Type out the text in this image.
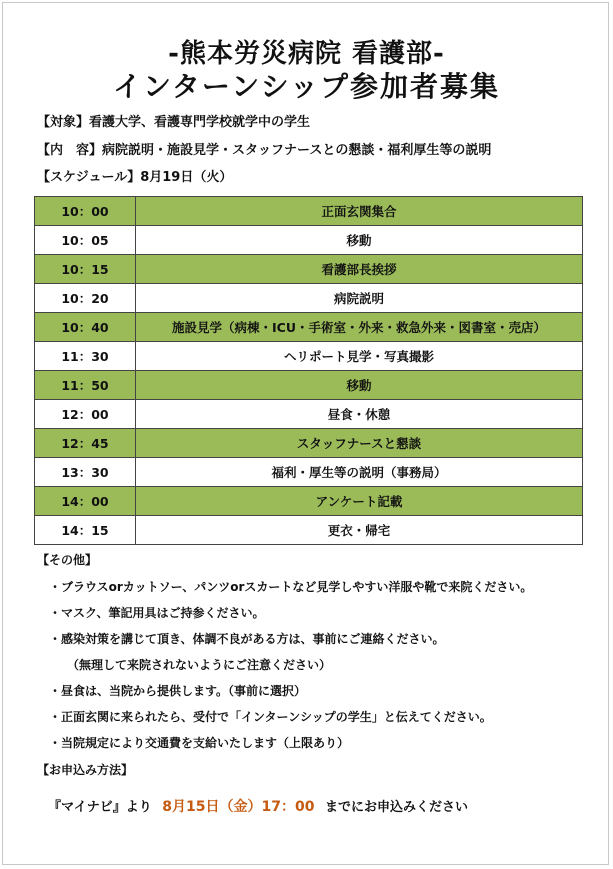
-熊本労災病院 看護部-
インターンシップ参加者募集
【対象】看護大学、看護専門学校就学中の学生
【内　容】病院説明・施設見学・スタッフナースとの懇談・福利厚生等の説明
【スケジュール】8月19日（火）
10：00	正面玄関集合
10：05	移動
10：15	看護部長挨拶
10：20	病院説明
10：40	施設見学（病棟・ICU・手術室・外来・救急外来・図書室・売店）
11：30	ヘリポート見学・写真撮影
11：50	移動
12：00	昼食・休憩
12：45	スタッフナースと懇談
13：30	福利・厚生等の説明（事務局）
14：00	アンケート記載
14：15	更衣・帰宅
【その他】
・ブラウスorカットソー、パンツorスカートなど見学しやすい洋服や靴で来院ください。
・マスク、筆記用具はご持参ください。
・感染対策を講じて頂き、体調不良がある方は、事前にご連絡ください。
（無理して来院されないようにご注意ください）
・昼食は、当院から提供します。（事前に選択）
・正面玄関に来られたら、受付で「インターンシップの学生」と伝えてください。
・当院規定により交通費を支給いたします（上限あり）
【お申込み方法】
『マイナビ』より 8月15日（金）17：00 までにお申込みください
